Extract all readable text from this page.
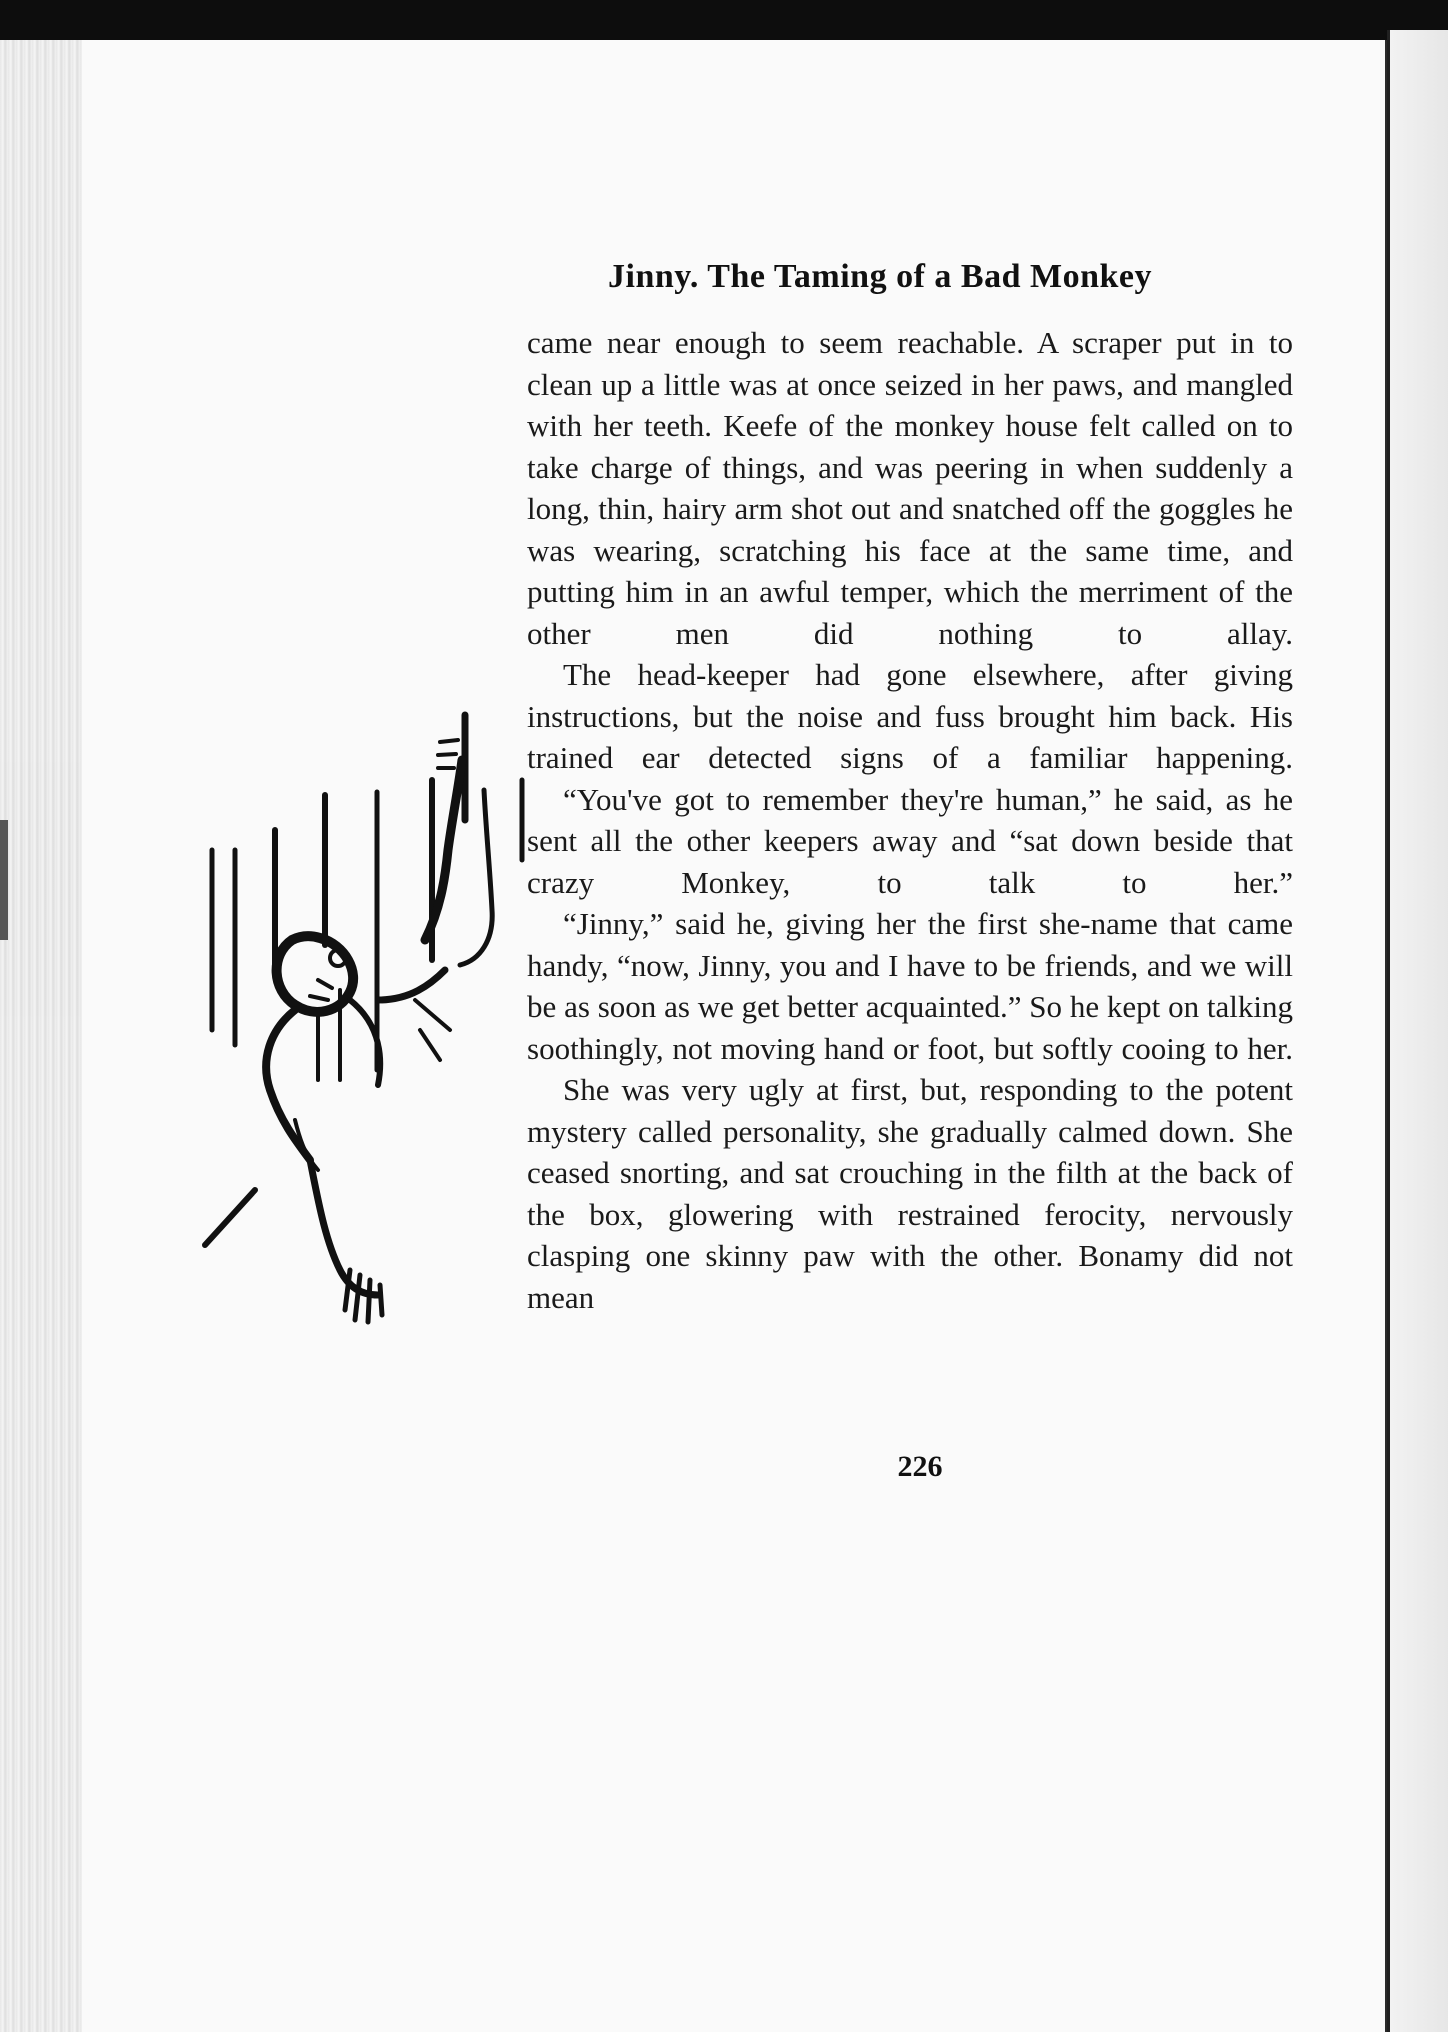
Jinny. The Taming of a Bad Monkey

came near enough to seem reachable. A scraper put in to clean up a little was at once seized in her paws, and mangled with her teeth. Keefe of the monkey house felt called on to take charge of things, and was peering in when suddenly a long, thin, hairy arm shot out and snatched off the goggles he was wearing, scratching his face at the same time, and putting him in an awful temper, which the merriment of the other men did nothing to allay.

The head-keeper had gone elsewhere, after giving instructions, but the noise and fuss brought him back. His trained ear detected signs of a familiar happening.

“You've got to remember they're human,” he said, as he sent all the other keepers away and “sat down beside that crazy Monkey, to talk to her.”

“Jinny,” said he, giving her the first she-name that came handy, “now, Jinny, you and I have to be friends, and we will be as soon as we get better acquainted.” So he kept on talking soothingly, not moving hand or foot, but softly cooing to her.

She was very ugly at first, but, responding to the potent mystery called personality, she gradually calmed down. She ceased snorting, and sat crouching in the filth at the back of the box, glowering with restrained ferocity, nervously clasping one skinny paw with the other. Bonamy did not mean

226
